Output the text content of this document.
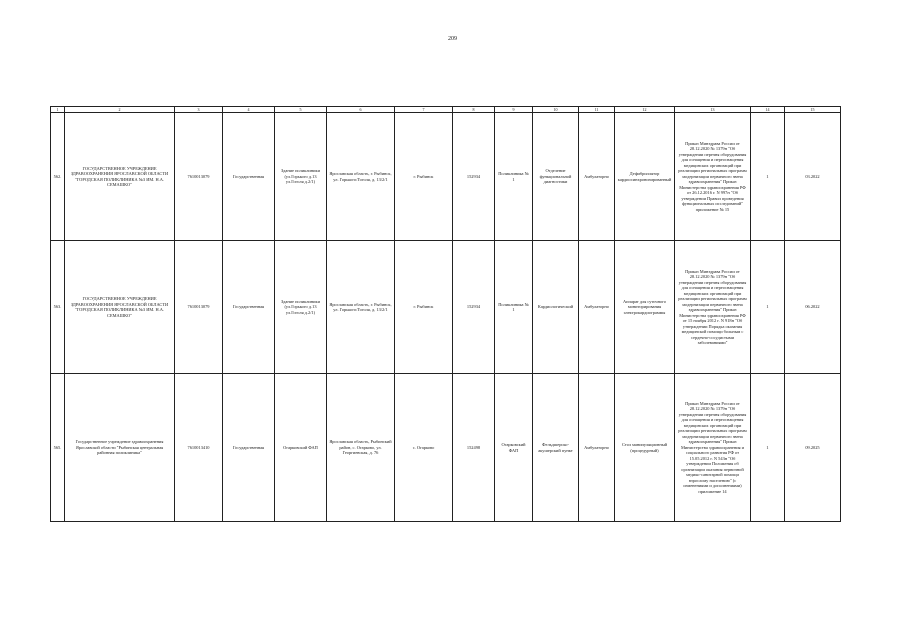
209
1	2	3	4	5	6	7	8	9	10	11	12	13	14	15
562.	ГОСУДАРСТВЕННОЕ УЧРЕЖДЕНИЕ ЗДРАВООХРАНЕНИЯ ЯРОСЛАВСКОЙ ОБЛАСТИ "ГОРОДСКАЯ ПОЛИКЛИНИКА №3 ИМ. Н.А. СЕМАШКО"	7610013079	Государственная	Здание поликлиники (ул.Горького д.13 ул.Гоголя д.2/1)	Ярославская область, г. Рыбинск, ул. Горького/Гоголя, д. 13/2/1	г. Рыбинск	152934	Поликлиника № 1	Отделение функциональной диагностики	Амбулаторно	Дефибриллятор кардиосинхронизированный	Приказ Минздрава России от 28.12.2020 № 1379н "Об утверждении перечня оборудования для оснащения и переоснащения медицинских организаций при реализации региональных программ модернизации первичного звена здравоохранения" Приказ Министерства здравоохранения РФ от 26.12.2016 г. N 997н "Об утверждении Правил проведения функциональных исследований" приложение № 15	1	03.2022
563.	ГОСУДАРСТВЕННОЕ УЧРЕЖДЕНИЕ ЗДРАВООХРАНЕНИЯ ЯРОСЛАВСКОЙ ОБЛАСТИ "ГОРОДСКАЯ ПОЛИКЛИНИКА №3 ИМ. Н.А. СЕМАШКО"	7610013079	Государственная	Здание поликлиники (ул.Горького д.13 ул.Гоголя д.2/1)	Ярославская область, г. Рыбинск, ул. Горького/Гоголя, д. 13/2/1	г. Рыбинск	152934	Поликлиника № 1	Кардиологический	Амбулаторно	Аппарат для суточного мониторирования электрокардиограммы	Приказ Минздрава России от 28.12.2020 № 1379н "Об утверждении перечня оборудования для оснащения и переоснащения медицинских организаций при реализации региональных программ модернизации первичного звена здравоохранения" Приказ Министерства здравоохранения РФ от 15 ноября 2012 г. N 918н "Об утверждении Порядка оказания медицинской помощи больным с сердечно-сосудистыми заболеваниями"	1	06.2022
565.	Государственное учреждение здравоохранения Ярославской области "Рыбинская центральная районная поликлиника"	7610013410	Государственная	Огарковский ФАП	Ярославская область, Рыбинский район, с. Огарково, ул. Георгиевская, д. 76	с. Огарково	152498	Огарковский ФАП	Фельдшерско-акушерский пункт	Амбулаторно	Стол манипуляционный (процедурный)	Приказ Минздрава России от 28.12.2020 № 1379н "Об утверждении перечня оборудования для оснащения и переоснащения медицинских организаций при реализации региональных программ модернизации первичного звена здравоохранения" Приказ Министерства здравоохранения и социального развития РФ от 15.05.2012 г. N 543н "Об утверждении Положения об организации оказания первичной медико-санитарной помощи взрослому населению" (с изменениями и дополнениями) приложение 14	1	09.2025
